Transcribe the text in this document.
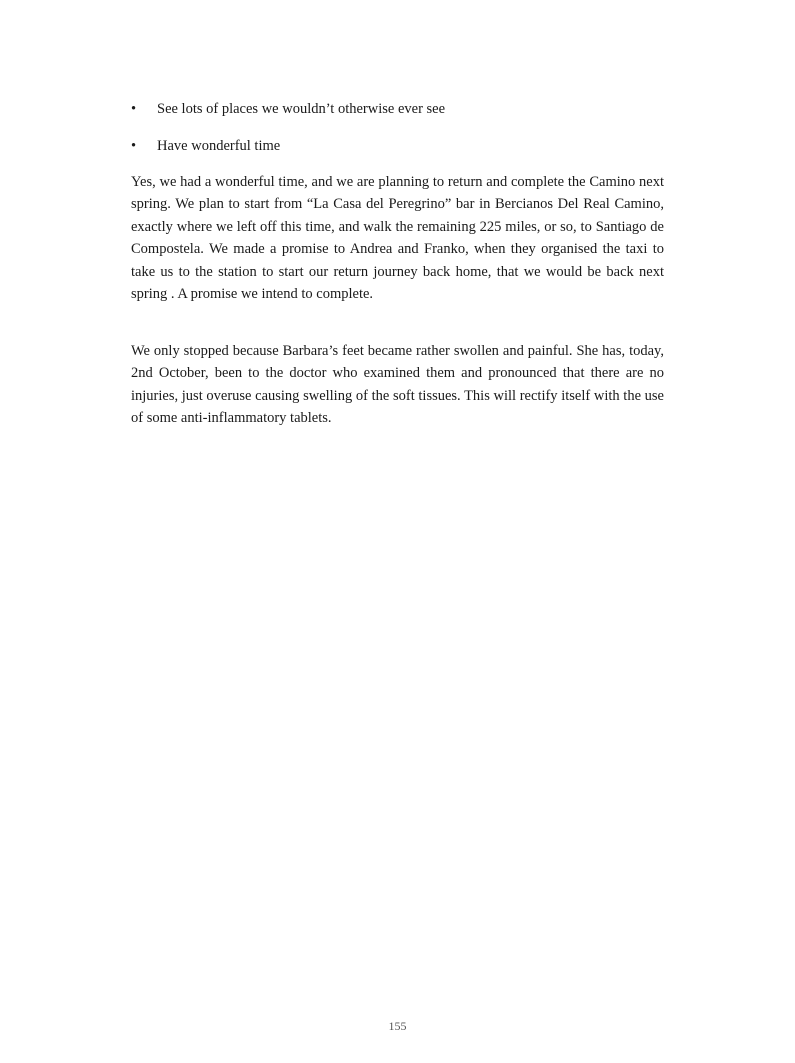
•	See lots of places we wouldn’t otherwise ever see
•	Have wonderful time

Yes, we had a wonderful time, and we are planning to return and complete the Camino next spring. We plan to start from “La Casa del Peregrino” bar in Bercianos Del Real Camino, exactly where we left off this time, and walk the remaining 225 miles, or so, to Santiago de Compostela. We made a promise to Andrea and Franko, when they organised the taxi to take us to the station to start our return journey back home, that we would be back next spring . A promise we intend to complete.

We only stopped because Barbara’s feet became rather swollen and painful. She has, today, 2nd October, been to the doctor who examined them and pronounced that there are no injuries, just overuse causing swelling of the soft tissues. This will rectify itself with the use of some anti-inflammatory tablets.

155
